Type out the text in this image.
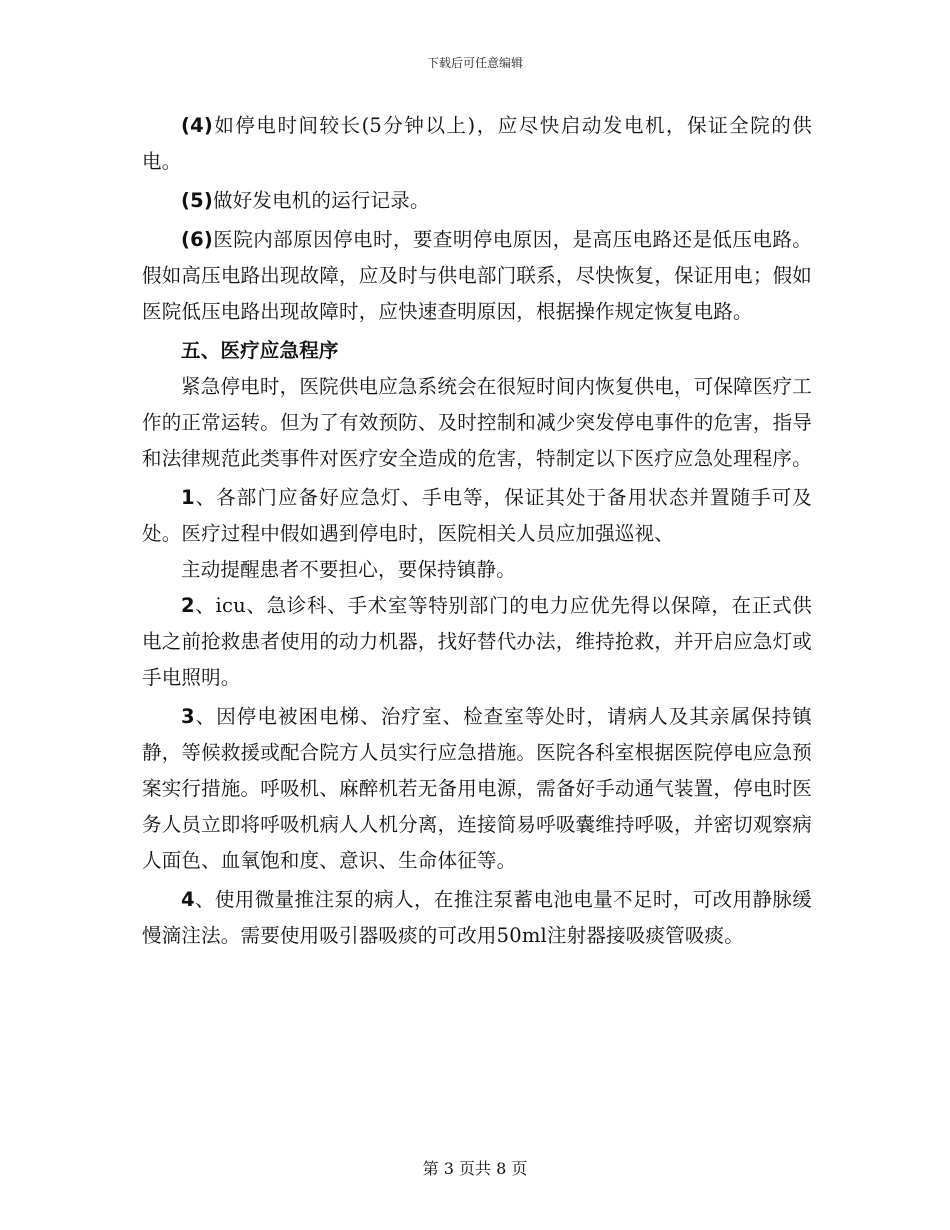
下载后可任意编辑

(4)如停电时间较长(5分钟以上)，应尽快启动发电机，保证全院的供电。

(5)做好发电机的运行记录。

(6)医院内部原因停电时，要查明停电原因，是高压电路还是低压电路。假如高压电路出现故障，应及时与供电部门联系，尽快恢复，保证用电；假如医院低压电路出现故障时，应快速查明原因，根据操作规定恢复电路。

五、医疗应急程序

紧急停电时，医院供电应急系统会在很短时间内恢复供电，可保障医疗工作的正常运转。但为了有效预防、及时控制和减少突发停电事件的危害，指导和法律规范此类事件对医疗安全造成的危害，特制定以下医疗应急处理程序。

1、各部门应备好应急灯、手电等，保证其处于备用状态并置随手可及处。医疗过程中假如遇到停电时，医院相关人员应加强巡视、

主动提醒患者不要担心，要保持镇静。

2、icu、急诊科、手术室等特别部门的电力应优先得以保障，在正式供电之前抢救患者使用的动力机器，找好替代办法，维持抢救，并开启应急灯或手电照明。

3、因停电被困电梯、治疗室、检查室等处时，请病人及其亲属保持镇静，等候救援或配合院方人员实行应急措施。医院各科室根据医院停电应急预案实行措施。呼吸机、麻醉机若无备用电源，需备好手动通气装置，停电时医务人员立即将呼吸机病人人机分离，连接简易呼吸囊维持呼吸，并密切观察病人面色、血氧饱和度、意识、生命体征等。

4、使用微量推注泵的病人，在推注泵蓄电池电量不足时，可改用静脉缓慢滴注法。需要使用吸引器吸痰的可改用50ml注射器接吸痰管吸痰。

第 3 页共 8 页
